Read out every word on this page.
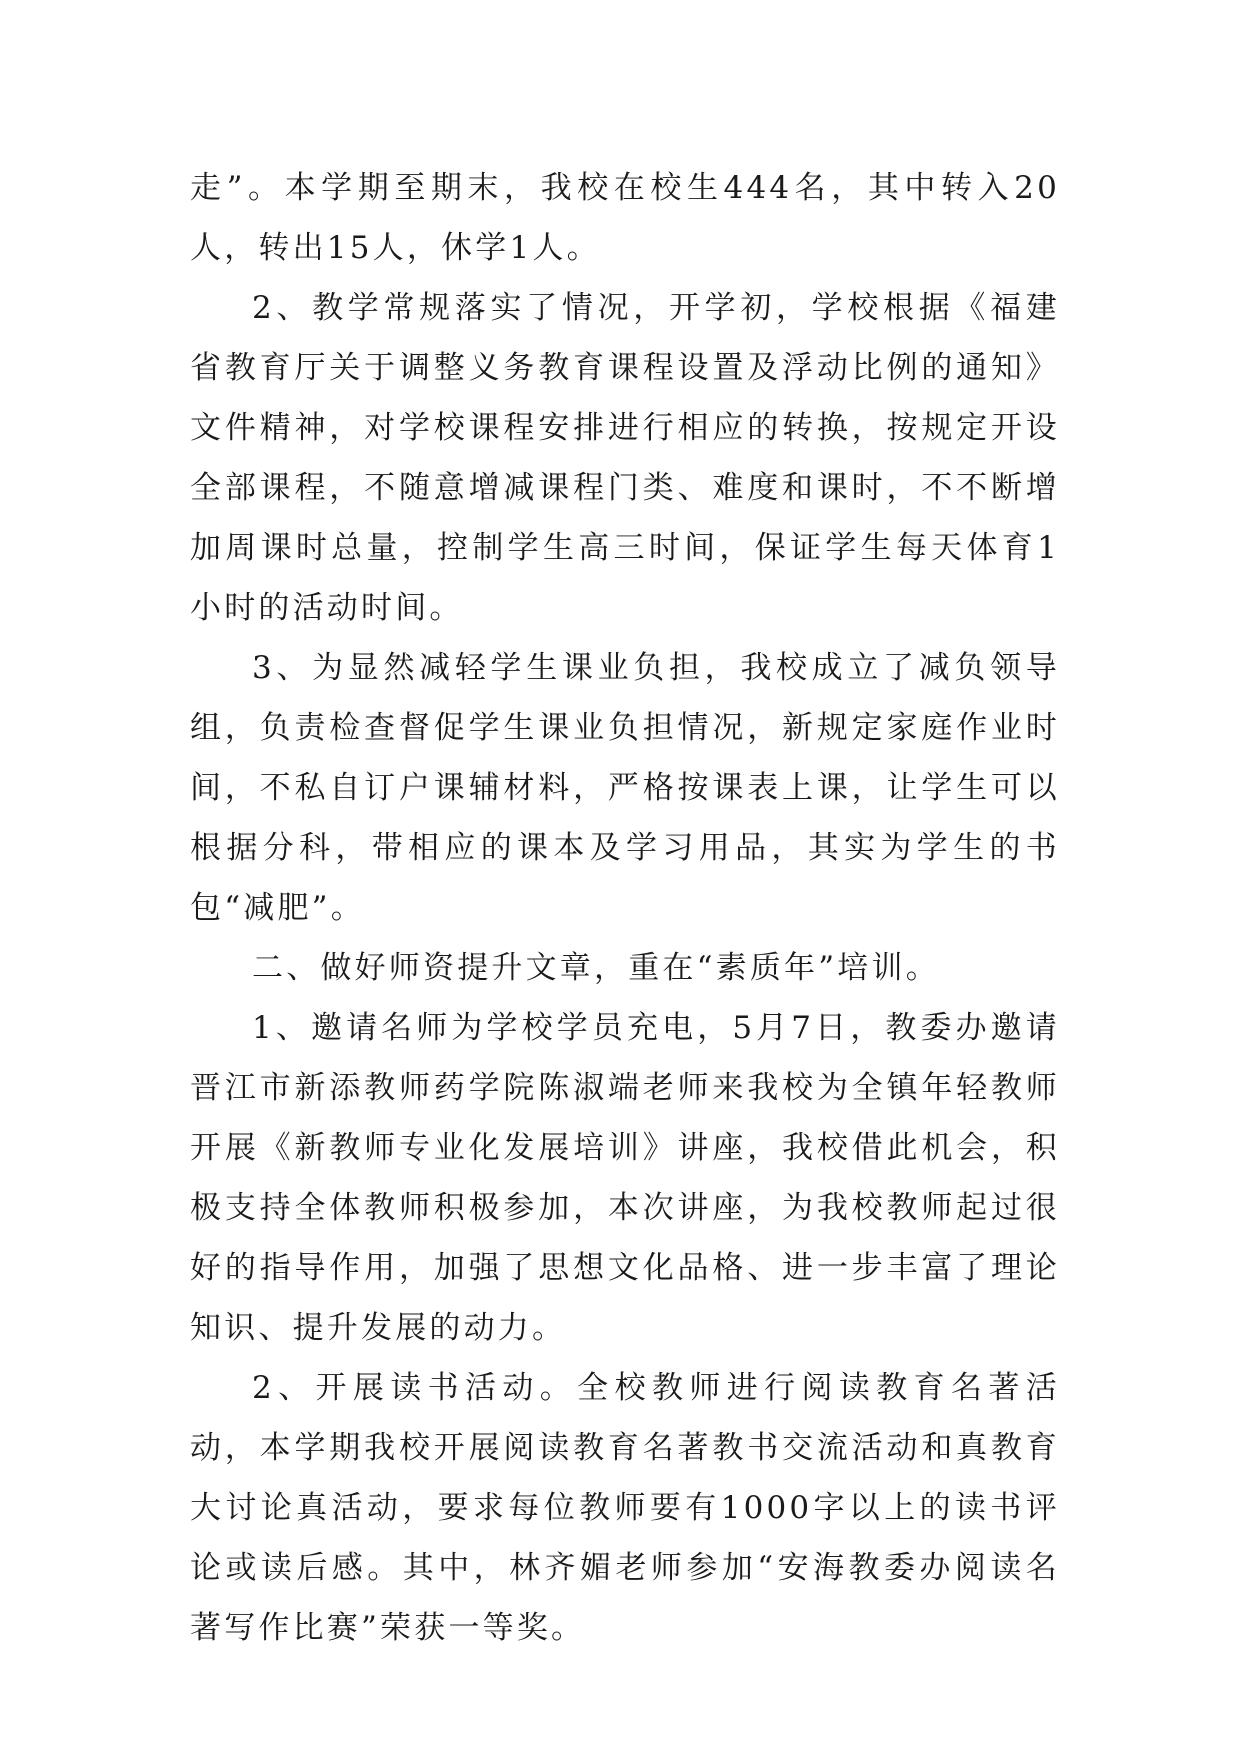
走”。本学期至期末，我校在校生444名，其中转入20人，转出15人，休学1人。

2、教学常规落实了情况，开学初，学校根据《福建省教育厅关于调整义务教育课程设置及浮动比例的通知》文件精神，对学校课程安排进行相应的转换，按规定开设全部课程，不随意增减课程门类、难度和课时，不不断增加周课时总量，控制学生高三时间，保证学生每天体育1小时的活动时间。

3、为显然减轻学生课业负担，我校成立了减负领导组，负责检查督促学生课业负担情况，新规定家庭作业时间，不私自订户课辅材料，严格按课表上课，让学生可以根据分科，带相应的课本及学习用品，其实为学生的书包“减肥”。

二、做好师资提升文章，重在“素质年”培训。

1、邀请名师为学校学员充电，5月7日，教委办邀请晋江市新添教师药学院陈淑端老师来我校为全镇年轻教师开展《新教师专业化发展培训》讲座，我校借此机会，积极支持全体教师积极参加，本次讲座，为我校教师起过很好的指导作用，加强了思想文化品格、进一步丰富了理论知识、提升发展的动力。

2、开展读书活动。全校教师进行阅读教育名著活动，本学期我校开展阅读教育名著教书交流活动和真教育大讨论真活动，要求每位教师要有1000字以上的读书评论或读后感。其中，林齐媚老师参加“安海教委办阅读名著写作比赛”荣获一等奖。
